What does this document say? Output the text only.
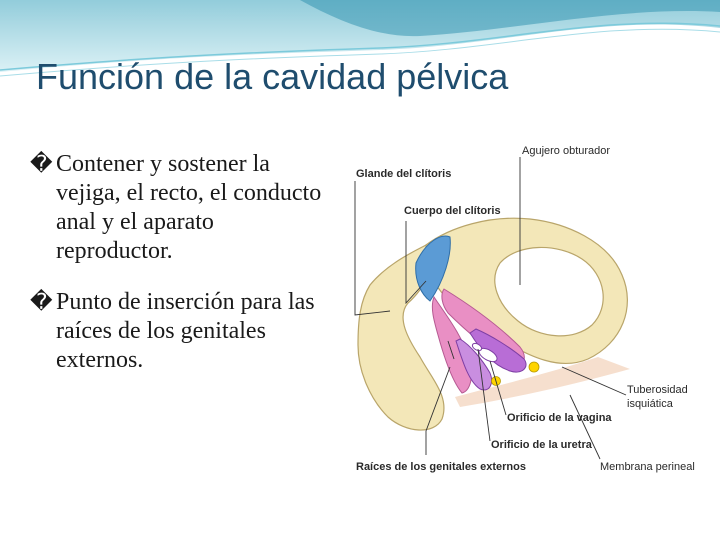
Función de la cavidad pélvica
� Contener y sostener la vejiga, el recto, el conducto anal y el aparato reproductor.
� Punto de inserción para las raíces de los genitales externos.
Agujero obturador
Glande del clítoris
Cuerpo del clítoris
Tuberosidad
isquiática
Orificio de la vagina
Orificio de la uretra
Raíces de los genitales externos	Membrana perineal
